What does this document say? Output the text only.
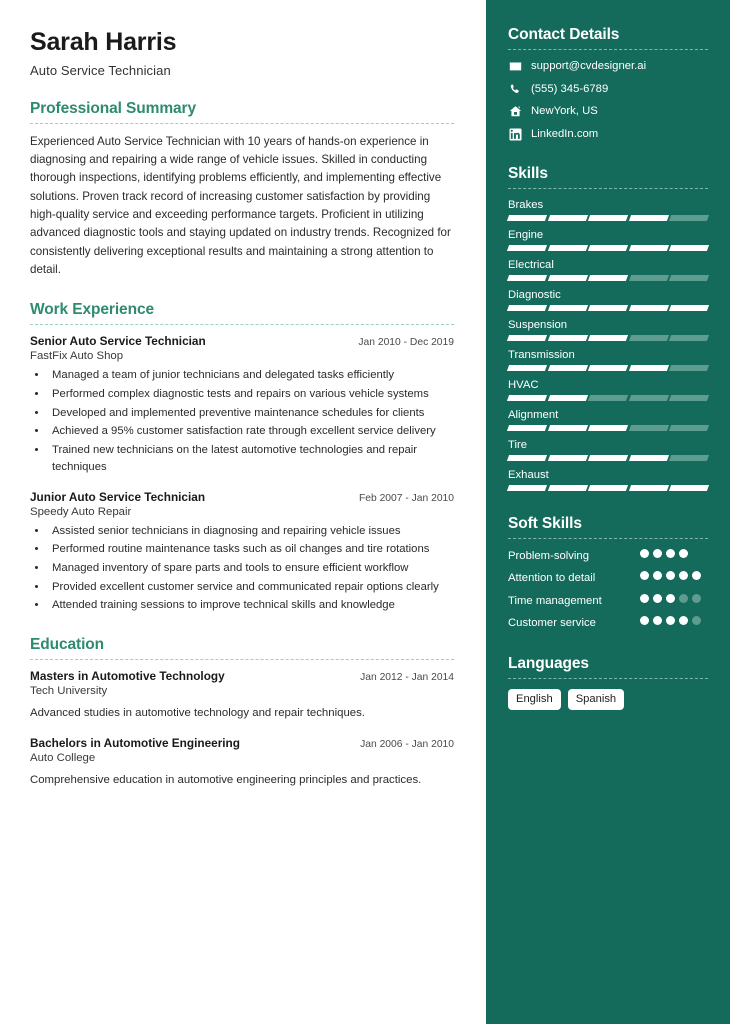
Sarah Harris
Auto Service Technician
Professional Summary
Experienced Auto Service Technician with 10 years of hands-on experience in diagnosing and repairing a wide range of vehicle issues. Skilled in conducting thorough inspections, identifying problems efficiently, and implementing effective solutions. Proven track record of increasing customer satisfaction by providing high-quality service and exceeding performance targets. Proficient in utilizing advanced diagnostic tools and staying updated on industry trends. Recognized for consistently delivering exceptional results and maintaining a strong attention to detail.
Work Experience
Senior Auto Service Technician	Jan 2010 - Dec 2019
FastFix Auto Shop
• Managed a team of junior technicians and delegated tasks efficiently
• Performed complex diagnostic tests and repairs on various vehicle systems
• Developed and implemented preventive maintenance schedules for clients
• Achieved a 95% customer satisfaction rate through excellent service delivery
• Trained new technicians on the latest automotive technologies and repair techniques
Junior Auto Service Technician	Feb 2007 - Jan 2010
Speedy Auto Repair
• Assisted senior technicians in diagnosing and repairing vehicle issues
• Performed routine maintenance tasks such as oil changes and tire rotations
• Managed inventory of spare parts and tools to ensure efficient workflow
• Provided excellent customer service and communicated repair options clearly
• Attended training sessions to improve technical skills and knowledge
Education
Masters in Automotive Technology	Jan 2012 - Jan 2014
Tech University
Advanced studies in automotive technology and repair techniques.
Bachelors in Automotive Engineering	Jan 2006 - Jan 2010
Auto College
Comprehensive education in automotive engineering principles and practices.
Contact Details
support@cvdesigner.ai
(555) 345-6789
NewYork, US
LinkedIn.com
Skills
Brakes
Engine
Electrical
Diagnostic
Suspension
Transmission
HVAC
Alignment
Tire
Exhaust
Soft Skills
Problem-solving
Attention to detail
Time management
Customer service
Languages
English	Spanish
